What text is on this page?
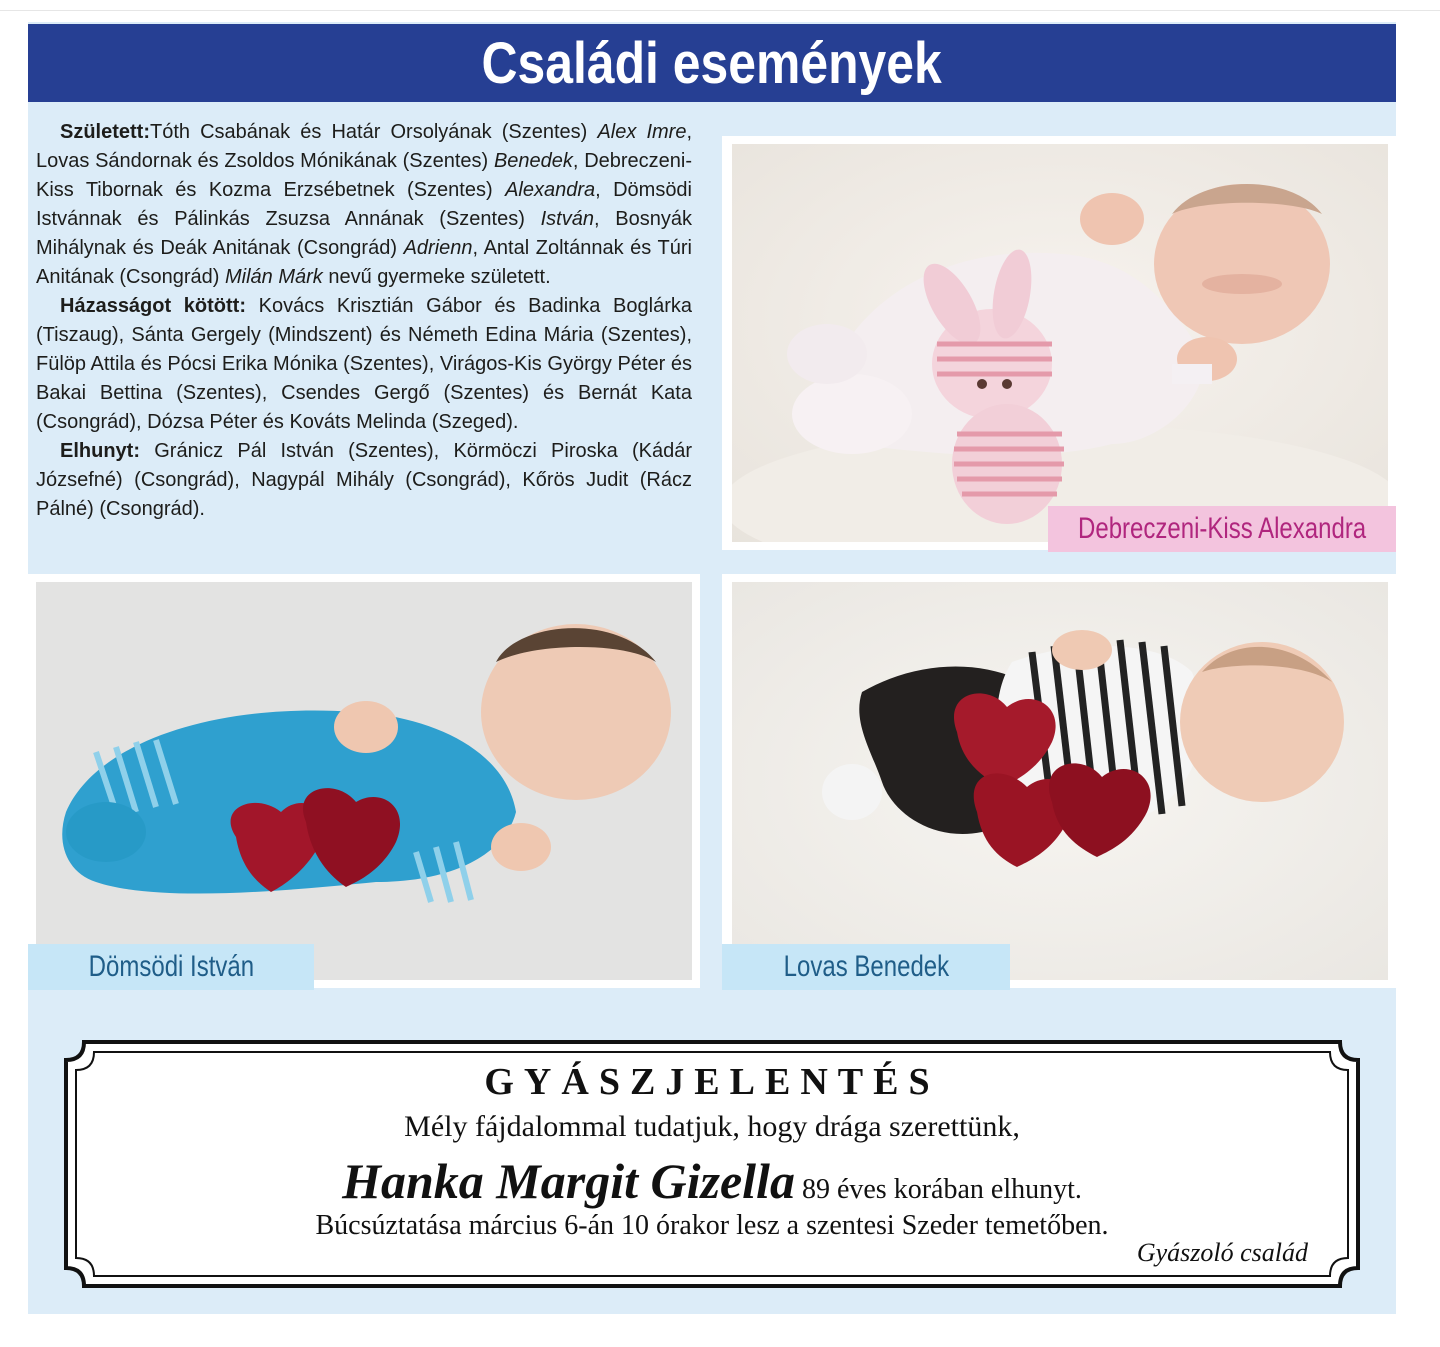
Családi események

Született:Tóth Csabának és Határ Orsolyának (Szentes) Alex Imre, Lovas Sándornak és Zsoldos Mónikának (Szentes) Benedek, Debreczeni-Kiss Tibornak és Kozma Erzsébetnek (Szentes) Alexandra, Dömsödi Istvánnak és Pálinkás Zsuzsa Annának (Szentes) István, Bosnyák Mihálynak és Deák Anitának (Csongrád) Adrienn, Antal Zoltánnak és Túri Anitának (Csongrád) Milán Márk nevű gyermeke született.

Házasságot kötött: Kovács Krisztián Gábor és Badinka Boglárka (Tiszaug), Sánta Gergely (Mindszent) és Németh Edina Mária (Szentes), Fülöp Attila és Pócsi Erika Mónika (Szentes), Virágos-Kis György Péter és Bakai Bettina (Szentes), Csendes Gergő (Szentes) és Bernát Kata (Csongrád), Dózsa Péter és Kováts Melinda (Szeged).

Elhunyt: Gránicz Pál István (Szentes), Körmöczi Piroska (Kádár Józsefné) (Csongrád), Nagypál Mihály (Csongrád), Kőrös Judit (Rácz Pálné) (Csongrád).

Debreczeni-Kiss Alexandra
Dömsödi István	Lovas Benedek
GYÁSZJELENTÉS
Mély fájdalommal tudatjuk, hogy drága szerettünk,
Hanka Margit Gizella 89 éves korában elhunyt.
Búcsúztatása március 6-án 10 órakor lesz a szentesi Szeder temetőben.
Gyászoló család
